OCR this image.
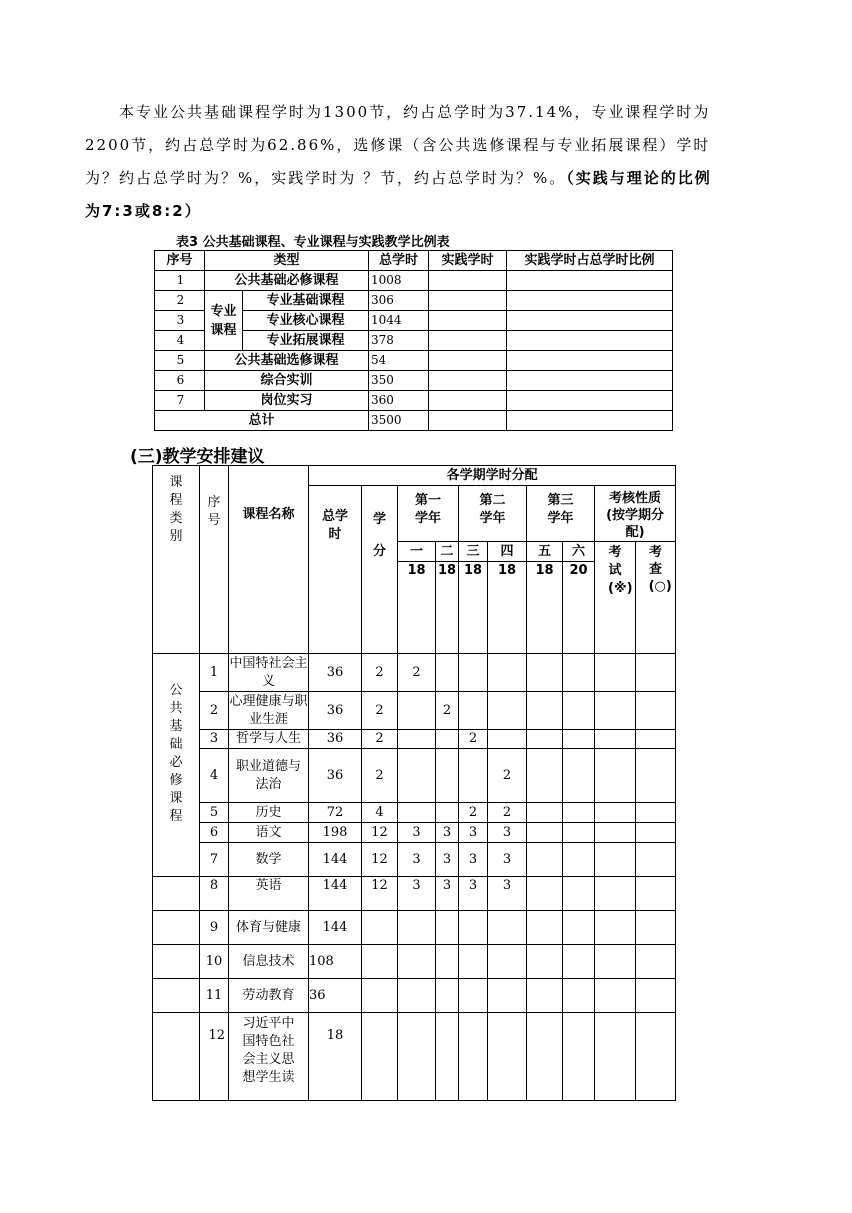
本专业公共基础课程学时为1300节，约占总学时为37.14%，专业课程学时为
2200节，约占总学时为62.86%，选修课（含公共选修课程与专业拓展课程）学时
为？约占总学时为？%，实践学时为 ？节，约占总学时为？%。（实践与理论的比例
为7:3或8:2）
表3 公共基础课程、专业课程与实践教学比例表
序号	类型		总学时	实践学时	实践学时占总学时比例
1	公共基础必修课程		1008		
2	专业课程	专业基础课程	306		
3		专业核心课程	1044		
4		专业拓展课程	378		
5	公共基础选修课程		54		
6	综合实训		350		
7	岗位实习		360		
总计			3500		
(三)教学安排建议
课程类别	序号	课程名称	各学期学时分配									

			总学时	学分	第一学年		第二学年		第三学年		考核性质 (按学期分配)	

					一	二	三	四	五	六	考试(※)	考查(○)

					18	18	18	18	18	20		

公共基础必修课程	1	中国特社会主义	36	2	2							
	2	心理健康与职业生涯	36	2		2						
	3	哲学与人生	36	2			2					
	4	职业道德与法治	36	2				2				
	5	历史	72	4			2	2				
	6	语文	198	12	3	3	3	3				
	7	数学	144	12	3	3	3	3				
	8	英语	144	12	3	3	3	3				
	9	体育与健康	144									
	10	信息技术	108									
	11	劳动教育	36									
	12	习近平中国特色社会主义思想学生读	18									
